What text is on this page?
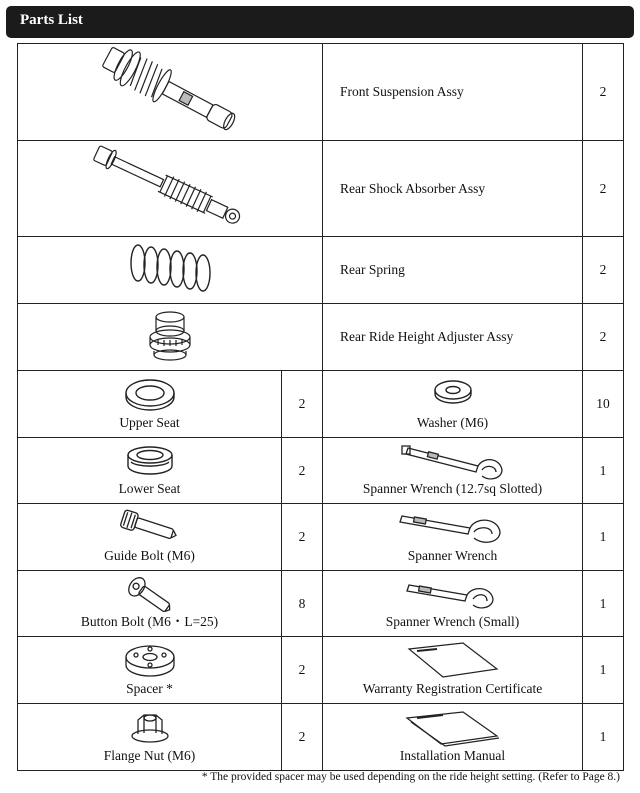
Parts List
	Front Suspension Assy	2
	Rear Shock Absorber Assy	2
	Rear Spring	2
	Rear Ride Height Adjuster Assy	2

Upper Seat	2	Washer (M6)	10

Lower Seat	2	Spanner Wrench (12.7sq Slotted)	1

Guide Bolt (M6)	2	Spanner Wrench	1

Button Bolt (M6・L=25)	8	Spanner Wrench (Small)	1

Spacer *	2	Warranty Registration Certificate	1

Flange Nut (M6)	2	Installation Manual	1
* The provided spacer may be used depending on the ride height setting. (Refer to Page 8.)
